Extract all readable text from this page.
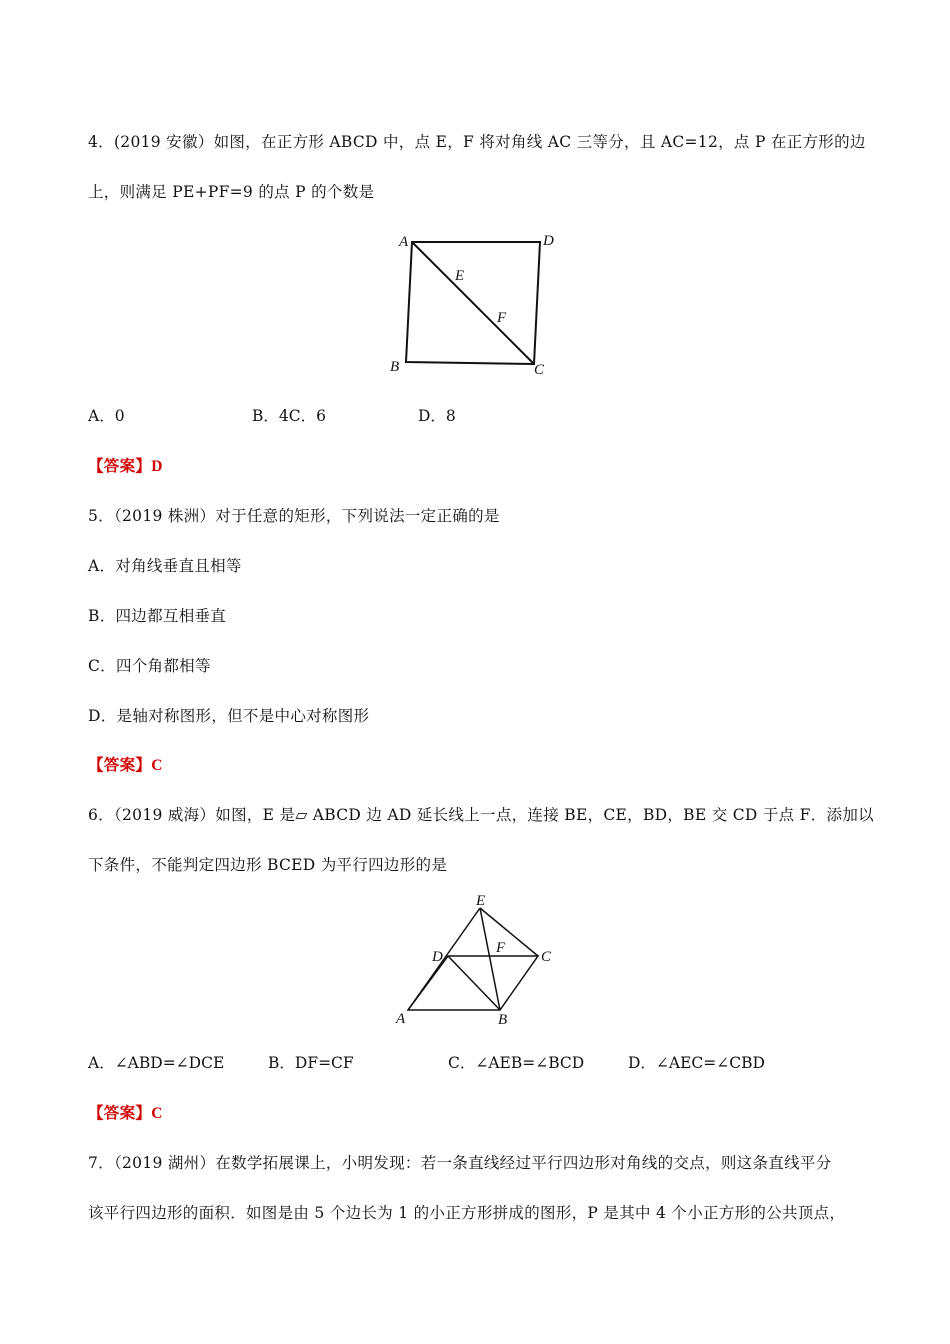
4．(2019 安徽）如图，在正方形 ABCD 中，点 E，F 将对角线 AC 三等分，且 AC=12，点 P 在正方形的边
上，则满足 PE+PF=9 的点 P 的个数是
A	D
B	C
E
F
A．0	B．4C．6	D．8
【答案】D
5．（2019 株洲）对于任意的矩形，下列说法一定正确的是
A．对角线垂直且相等
B．四边都互相垂直
C．四个角都相等
D．是轴对称图形，但不是中心对称图形
【答案】C
6．（2019 威海）如图，E 是▱ ABCD 边 AD 延长线上一点，连接 BE，CE，BD，BE 交 CD 于点 F．添加以
下条件，不能判定四边形 BCED 为平行四边形的是
E
D	C
F
A	B
A．∠ABD=∠DCE	B．DF=CF	C．∠AEB=∠BCD	D．∠AEC=∠CBD
【答案】C
7．（2019 湖州）在数学拓展课上，小明发现：若一条直线经过平行四边形对角线的交点，则这条直线平分
该平行四边形的面积．如图是由 5 个边长为 1 的小正方形拼成的图形，P 是其中 4 个小正方形的公共顶点，
